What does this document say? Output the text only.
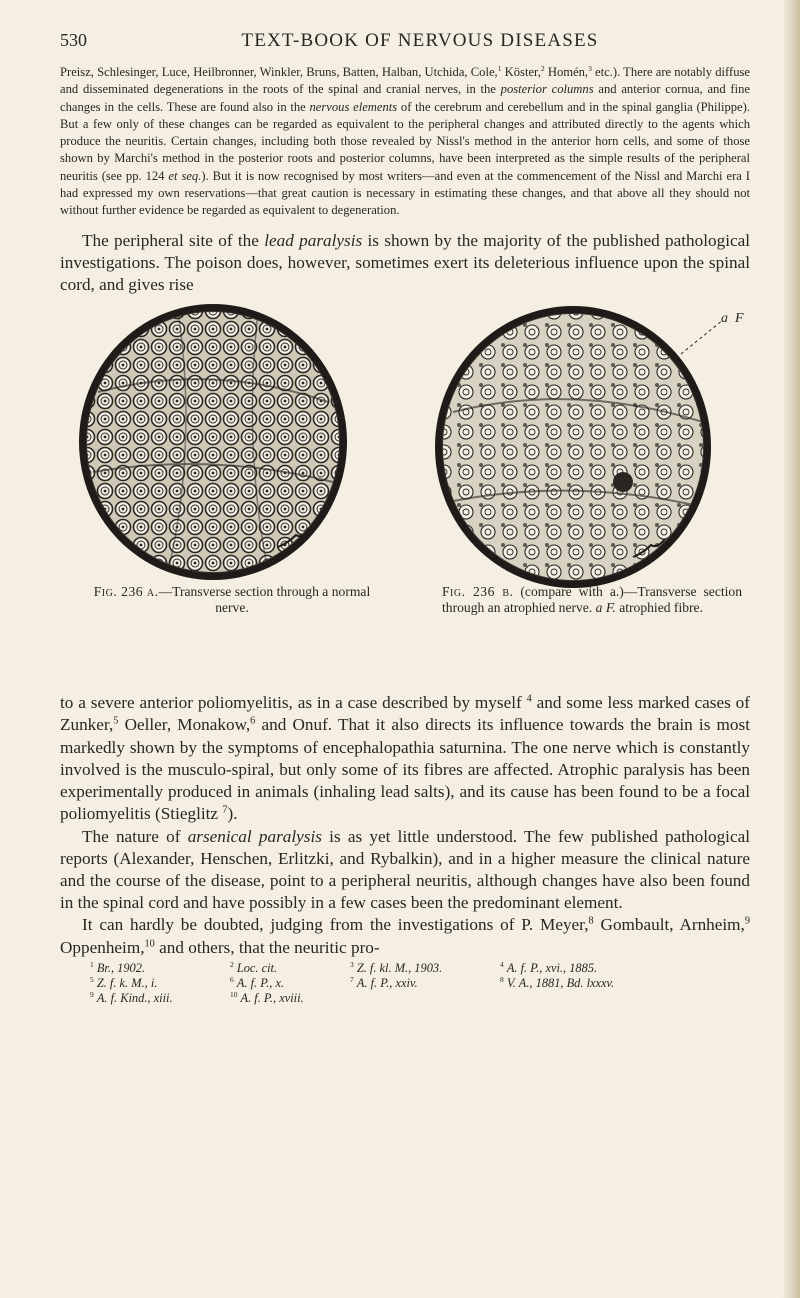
530	TEXT-BOOK OF NERVOUS DISEASES

Preisz, Schlesinger, Luce, Heilbronner, Winkler, Bruns, Batten, Halban, Utchida, Cole,$^1$ Köster,$^2$ Homén,$^3$ etc.). There are notably diffuse and disseminated degenerations in the roots of the spinal and cranial nerves, in the posterior columns and anterior cornua, and fine changes in the cells. These are found also in the nervous elements of the cerebrum and cerebellum and in the spinal ganglia (Philippe). But a few only of these changes can be regarded as equivalent to the peripheral changes and attributed directly to the agents which produce the neuritis. Certain changes, including both those revealed by Nissl's method in the anterior horn cells, and some of those shown by Marchi's method in the posterior roots and posterior columns, have been interpreted as the simple results of the peripheral neuritis (see pp. 124 et seq.). But it is now recognised by most writers—and even at the commencement of the Nissl and Marchi era I had expressed my own reservations—that great caution is necessary in estimating these changes, and that above all they should not without further evidence be regarded as equivalent to degeneration.

The peripheral site of the lead paralysis is shown by the majority of the published pathological investigations. The poison does, however, sometimes exert its deleterious influence upon the spinal cord, and gives rise

a F
Fig. 236 a.—Transverse section through a normal nerve.
Fig. 236 b. (compare with a.)—Transverse section through an atrophied nerve. a F. atrophied fibre.

to a severe anterior poliomyelitis, as in a case described by myself $^4$ and some less marked cases of Zunker,$^5$ Oeller, Monakow,$^6$ and Onuf. That it also directs its influence towards the brain is most markedly shown by the symptoms of encephalopathia saturnina. The one nerve which is constantly involved is the musculo-spiral, but only some of its fibres are affected. Atrophic paralysis has been experimentally produced in animals (inhaling lead salts), and its cause has been found to be a focal poliomyelitis (Stieglitz $^7$).

The nature of arsenical paralysis is as yet little understood. The few published pathological reports (Alexander, Henschen, Erlitzki, and Rybalkin), and in a higher measure the clinical nature and the course of the disease, point to a peripheral neuritis, although changes have also been found in the spinal cord and have possibly in a few cases been the predominant element.

It can hardly be doubted, judging from the investigations of P. Meyer,$^8$ Gombault, Arnheim,$^9$ Oppenheim,$^{10}$ and others, that the neuritic pro-

$^1$ Br., 1902.	$^2$ Loc. cit.	$^3$ Z. f. kl. M., 1903.	$^4$ A. f. P., xvi., 1885.
$^5$ Z. f. k. M., i.	$^6$ A. f. P., x.	$^7$ A. f. P., xxiv.	$^8$ V. A., 1881, Bd. lxxxv.
$^9$ A. f. Kind., xiii.	$^{10}$ A. f. P., xviii.
